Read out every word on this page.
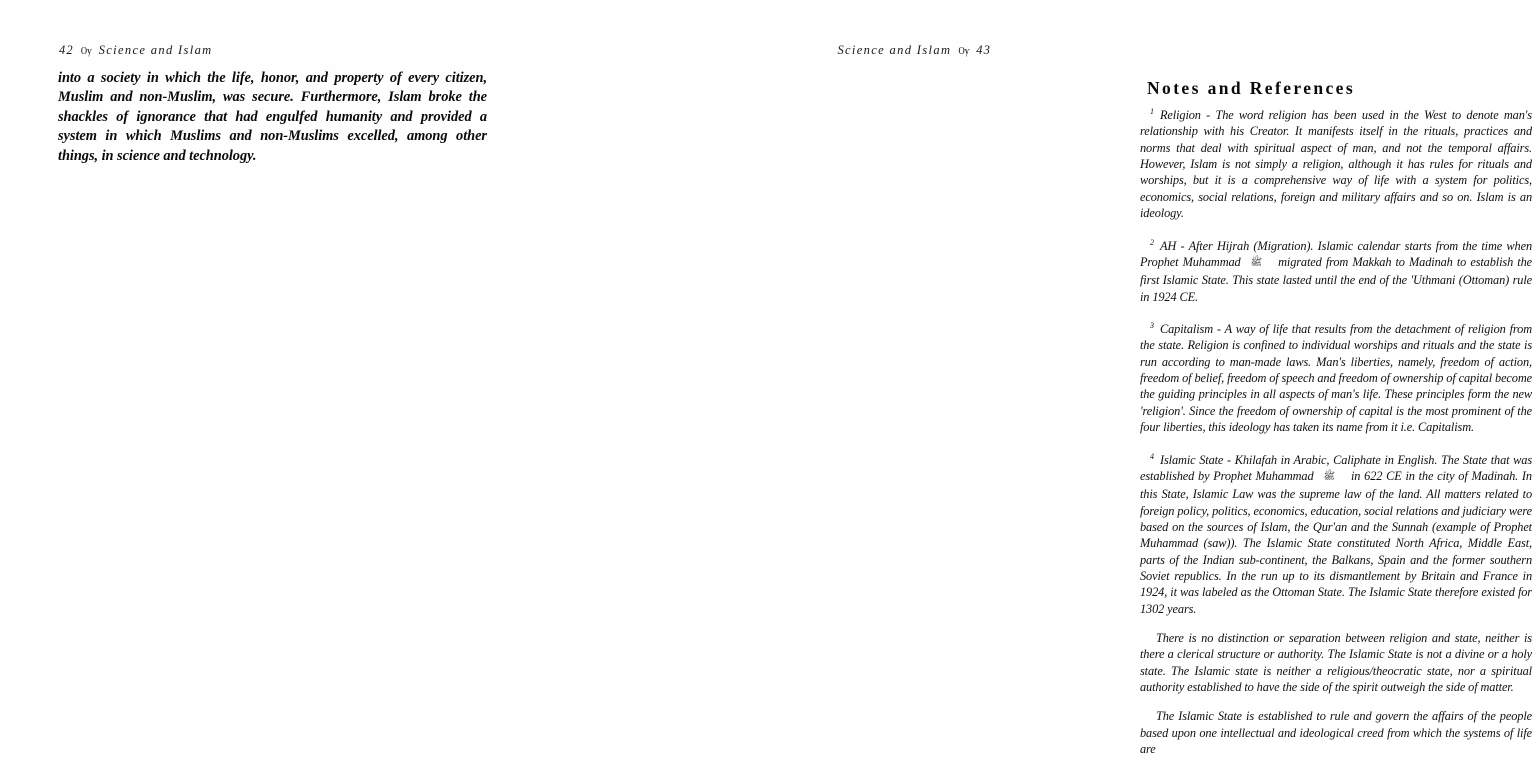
42 Ѹ Science and Islam

into a society in which the life, honor, and property of every citizen, Muslim and non-Muslim, was secure. Furthermore, Islam broke the shackles of ignorance that had engulfed humanity and provided a system in which Muslims and non-Muslims excelled, among other things, in science and technology.

Science and Islam Ѹ 43
Notes and References

$^1$ Religion - The word religion has been used in the West to denote man's relationship with his Creator. It manifests itself in the rituals, practices and norms that deal with spiritual aspect of man, and not the temporal affairs. However, Islam is not simply a religion, although it has rules for rituals and worships, but it is a comprehensive way of life with a system for politics, economics, social relations, foreign and military affairs and so on. Islam is an ideology.

$^2$ AH - After Hijrah (Migration). Islamic calendar starts from the time when Prophet Muhammad ﷺ migrated from Makkah to Madinah to establish the first Islamic State. This state lasted until the end of the 'Uthmani (Ottoman) rule in 1924 CE.

$^3$ Capitalism - A way of life that results from the detachment of religion from the state. Religion is confined to individual worships and rituals and the state is run according to man-made laws. Man's liberties, namely, freedom of action, freedom of belief, freedom of speech and freedom of ownership of capital become the guiding principles in all aspects of man's life. These principles form the new 'religion'. Since the freedom of ownership of capital is the most prominent of the four liberties, this ideology has taken its name from it i.e. Capitalism.

$^4$ Islamic State - Khilafah in Arabic, Caliphate in English. The State that was established by Prophet Muhammad ﷺ in 622 CE in the city of Madinah. In this State, Islamic Law was the supreme law of the land. All matters related to foreign policy, politics, economics, education, social relations and judiciary were based on the sources of Islam, the Qur'an and the Sunnah (example of Prophet Muhammad (saw)). The Islamic State constituted North Africa, Middle East, parts of the Indian sub-continent, the Balkans, Spain and the former southern Soviet republics. In the run up to its dismantlement by Britain and France in 1924, it was labeled as the Ottoman State. The Islamic State therefore existed for 1302 years.

There is no distinction or separation between religion and state, neither is there a clerical structure or authority. The Islamic State is not a divine or a holy state. The Islamic state is neither a religious/theocratic state, nor a spiritual authority established to have the side of the spirit outweigh the side of matter.

The Islamic State is established to rule and govern the affairs of the people based upon one intellectual and ideological creed from which the systems of life are
